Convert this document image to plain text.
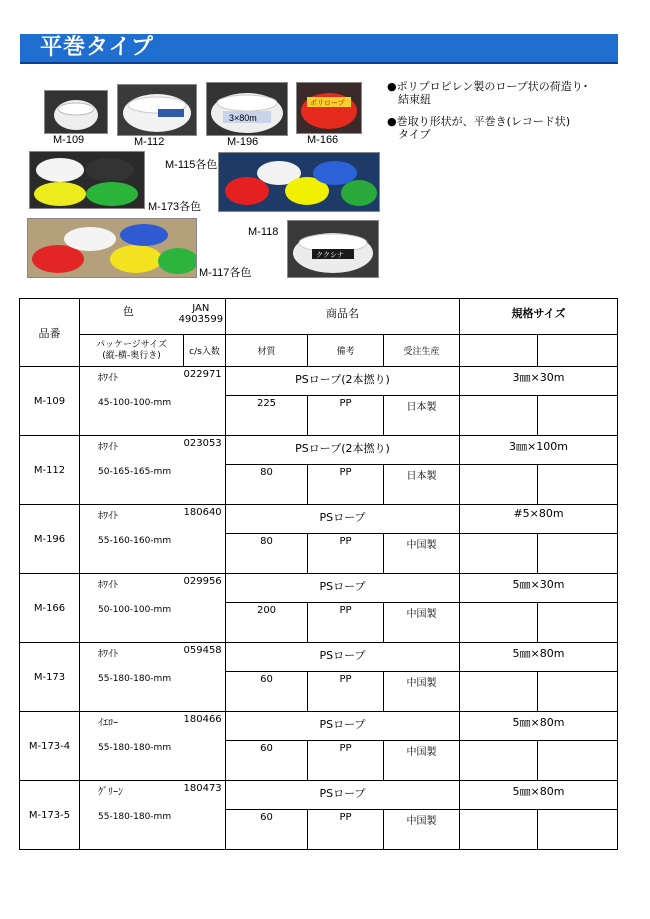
平巻タイプ
M-109	M-112
3×80m
M-196
ポリロープ
M-166
M-115各色
M-173各色
M-117各色
M-118
ククシナ
●ポリプロピレン製のロープ状の荷造り･
　結束紐
●巻取り形状が、平巻き(レコード状)
　タイプ
品番	色 JAN
4903599		商品名			規格サイズ		
	パッケージサイズ
(縦-横-奥行き)	c/s入数	材質	備考	受注生産			
M-109	ﾎﾜｲﾄ	022971	PSロープ(2本撚り)			3㎜×30m		
	45-100-100-mm		225	PP	日本製			
M-112	ﾎﾜｲﾄ	023053	PSロープ(2本撚り)			3㎜×100m		
	50-165-165-mm		80	PP	日本製			
M-196	ﾎﾜｲﾄ	180640	PSロープ			#5×80m		
	55-160-160-mm		80	PP	中国製			
M-166	ﾎﾜｲﾄ	029956	PSロープ			5㎜×30m		
	50-100-100-mm		200	PP	中国製			
M-173	ﾎﾜｲﾄ	059458	PSロープ			5㎜×80m		
	55-180-180-mm		60	PP	中国製			
M-173-4	ｲｴﾛｰ	180466	PSロープ			5㎜×80m		
	55-180-180-mm		60	PP	中国製			
M-173-5	ｸﾞﾘｰﾝ	180473	PSロープ			5㎜×80m		
	55-180-180-mm		60	PP	中国製			
